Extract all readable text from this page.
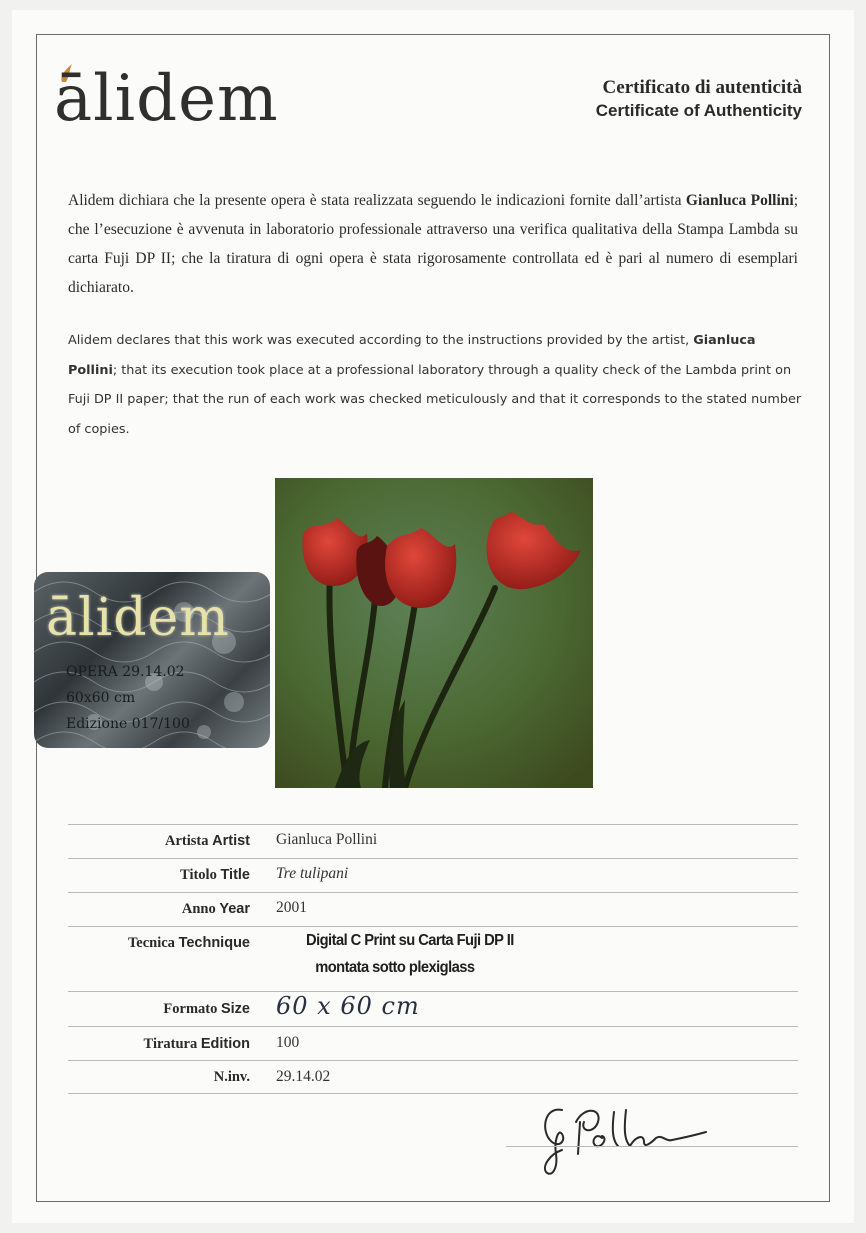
ālidem	Certificato di autenticità
Certificate of Authenticity
Alidem dichiara che la presente opera è stata realizzata seguendo le indicazioni fornite dall’artista Gianluca Pollini; che l’esecuzione è avvenuta in laboratorio professionale attraverso una verifica qualitativa della Stampa Lambda su carta Fuji DP II; che la tiratura di ogni opera è stata rigorosamente controllata ed è pari al numero di esemplari dichiarato.
Alidem declares that this work was executed according to the instructions provided by the artist, Gianluca Pollini; that its execution took place at a professional laboratory through a quality check of the Lambda print on Fuji DP II paper; that the run of each work was checked meticulously and that it corresponds to the stated number of copies.
ālidem
OPERA 29.14.02
60x60 cm
Edizione 017/100
Artista Artist	Gianluca Pollini
Titolo Title	Tre tulipani
Anno Year	2001
Tecnica Technique	Digital C Print su Carta Fuji DP II
montata sotto plexiglass
Formato Size	60 x 60 cm
Tiratura Edition	100
N.inv.	29.14.02
